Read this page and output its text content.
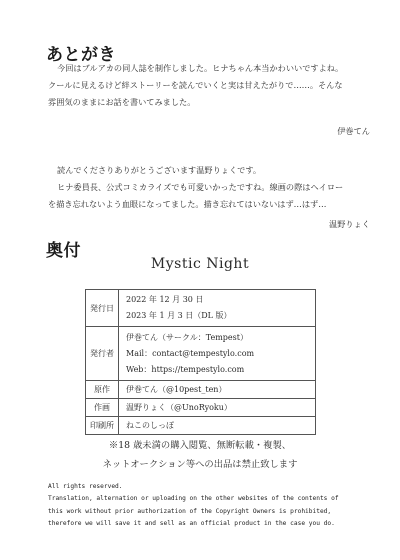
あとがき

今回はブルアカの同人誌を制作しました。ヒナちゃん本当かわいいですよね。

クールに見えるけど絆ストーリーを読んでいくと実は甘えたがりで……。そんな

雰囲気のままにお話を書いてみました。

伊巻てん

読んでくださりありがとうございます温野りょくです。

ヒナ委員長、公式コミカライズでも可愛いかったですね。線画の際はヘイロー

を描き忘れないよう血眼になってました。描き忘れてはいないはず…はず…

温野りょく
奥付
Mystic Night
発行日	2022 年 12 月 30 日
2023 年 1 月 3 日（DL 版）

発行者	伊巻てん（サークル：Tempest）
Mail：contact@tempestylo.com
Web：https://tempestylo.com

原作	伊巻てん（@10pest_ten）

作画	温野りょく（@UnoRyoku）

印刷所	ねこのしっぽ
※18 歳未満の購入閲覧、無断転載・複製、
ネットオークション等への出品は禁止致します
All rights reserved.
Translation, alternation or uploading on the other websites of the contents of
this work without prior authorization of the Copyright Owners is prohibited,
therefore we will save it and sell as an official product in the case you do.
